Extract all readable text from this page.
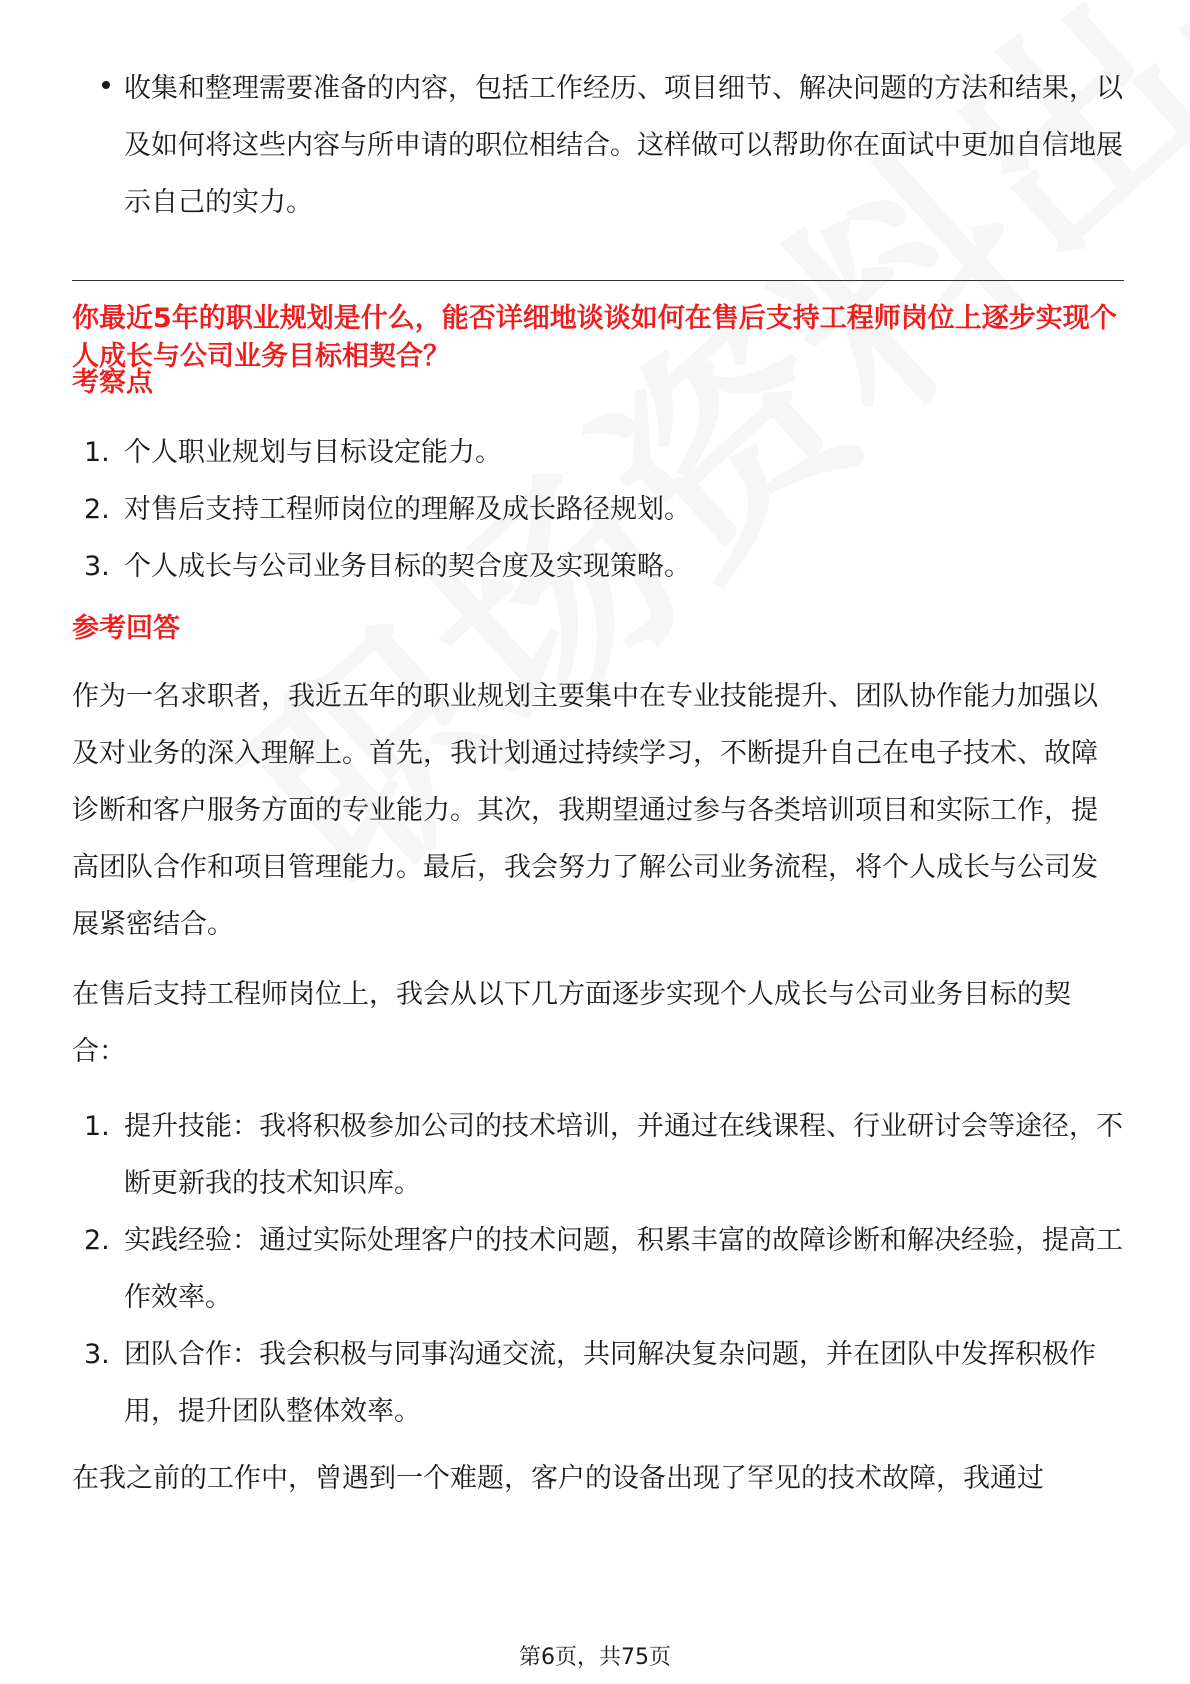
收集和整理需要准备的内容，包括工作经历、项目细节、解决问题的方法和结果，以及如何将这些内容与所申请的职位相结合。这样做可以帮助你在面试中更加自信地展示自己的实力。
你最近5年的职业规划是什么，能否详细地谈谈如何在售后支持工程师岗位上逐步实现个人成长与公司业务目标相契合？
考察点
1. 个人职业规划与目标设定能力。
2. 对售后支持工程师岗位的理解及成长路径规划。
3. 个人成长与公司业务目标的契合度及实现策略。
参考回答
作为一名求职者，我近五年的职业规划主要集中在专业技能提升、团队协作能力加强以及对业务的深入理解上。首先，我计划通过持续学习，不断提升自己在电子技术、故障诊断和客户服务方面的专业能力。其次，我期望通过参与各类培训项目和实际工作，提高团队合作和项目管理能力。最后，我会努力了解公司业务流程，将个人成长与公司发展紧密结合。
在售后支持工程师岗位上，我会从以下几方面逐步实现个人成长与公司业务目标的契合：
1. 提升技能：我将积极参加公司的技术培训，并通过在线课程、行业研讨会等途径，不断更新我的技术知识库。
2. 实践经验：通过实际处理客户的技术问题，积累丰富的故障诊断和解决经验，提高工作效率。
3. 团队合作：我会积极与同事沟通交流，共同解决复杂问题，并在团队中发挥积极作用，提升团队整体效率。
在我之前的工作中，曾遇到一个难题，客户的设备出现了罕见的技术故障，我通过
第6页，共75页
